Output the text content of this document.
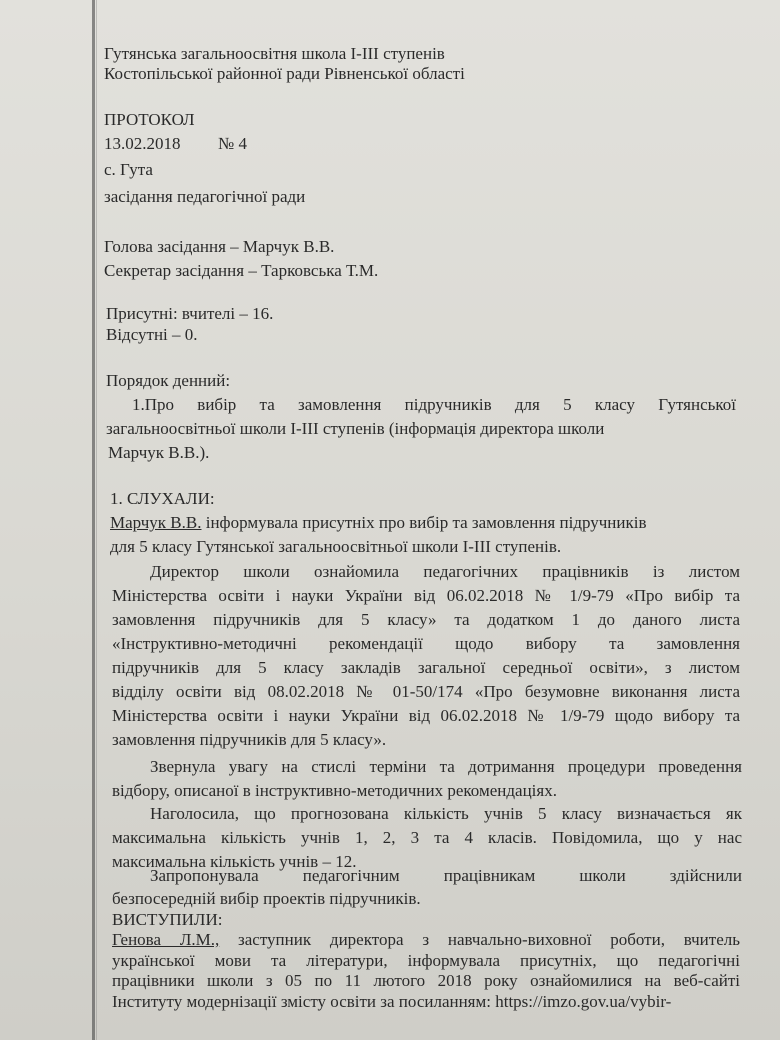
Гутянська загальноосвітня школа І-ІІІ ступенів
Костопільської районної ради Рівненської області
ПРОТОКОЛ
13.02.2018 № 4
с. Гута
засідання педагогічної ради
Голова засідання – Марчук В.В.
Секретар засідання – Тарковська Т.М.
Присутні: вчителі – 16.
Відсутні – 0.
Порядок денний:
1.Про вибір та замовлення підручників для 5 класу Гутянської
загальноосвітньої школи І-ІІІ ступенів (інформація директора школи
Марчук В.В.).
1. СЛУХАЛИ:
Марчук В.В. інформувала присутніх про вибір та замовлення підручників
для 5 класу Гутянської загальноосвітньої школи І-ІІІ ступенів.
Директор школи ознайомила педагогічних працівників із листом
Міністерства освіти і науки України від 06.02.2018 № 1/9-79 «Про вибір та
замовлення підручників для 5 класу» та додатком 1 до даного листа
«Інструктивно-методичні рекомендації щодо вибору та замовлення
підручників для 5 класу закладів загальної середньої освіти», з листом
відділу освіти від 08.02.2018 № 01-50/174 «Про безумовне виконання листа
Міністерства освіти і науки України від 06.02.2018 № 1/9-79 щодо вибору та
замовлення підручників для 5 класу».
Звернула увагу на стислі терміни та дотримання процедури проведення
відбору, описаної в інструктивно-методичних рекомендаціях.
Наголосила, що прогнозована кількість учнів 5 класу визначається як
максимальна кількість учнів 1, 2, 3 та 4 класів. Повідомила, що у нас
максимальна кількість учнів – 12.
Запропонувала педагогічним працівникам школи здійснили
безпосередній вибір проектів підручників.
ВИСТУПИЛИ:
Генова Л.М., заступник директора з навчально-виховної роботи, вчитель
української мови та літератури, інформувала присутніх, що педагогічні
працівники школи з 05 по 11 лютого 2018 року ознайомилися на веб-сайті
Інституту модернізації змісту освіти за посиланням: https://imzo.gov.ua/vybir-
